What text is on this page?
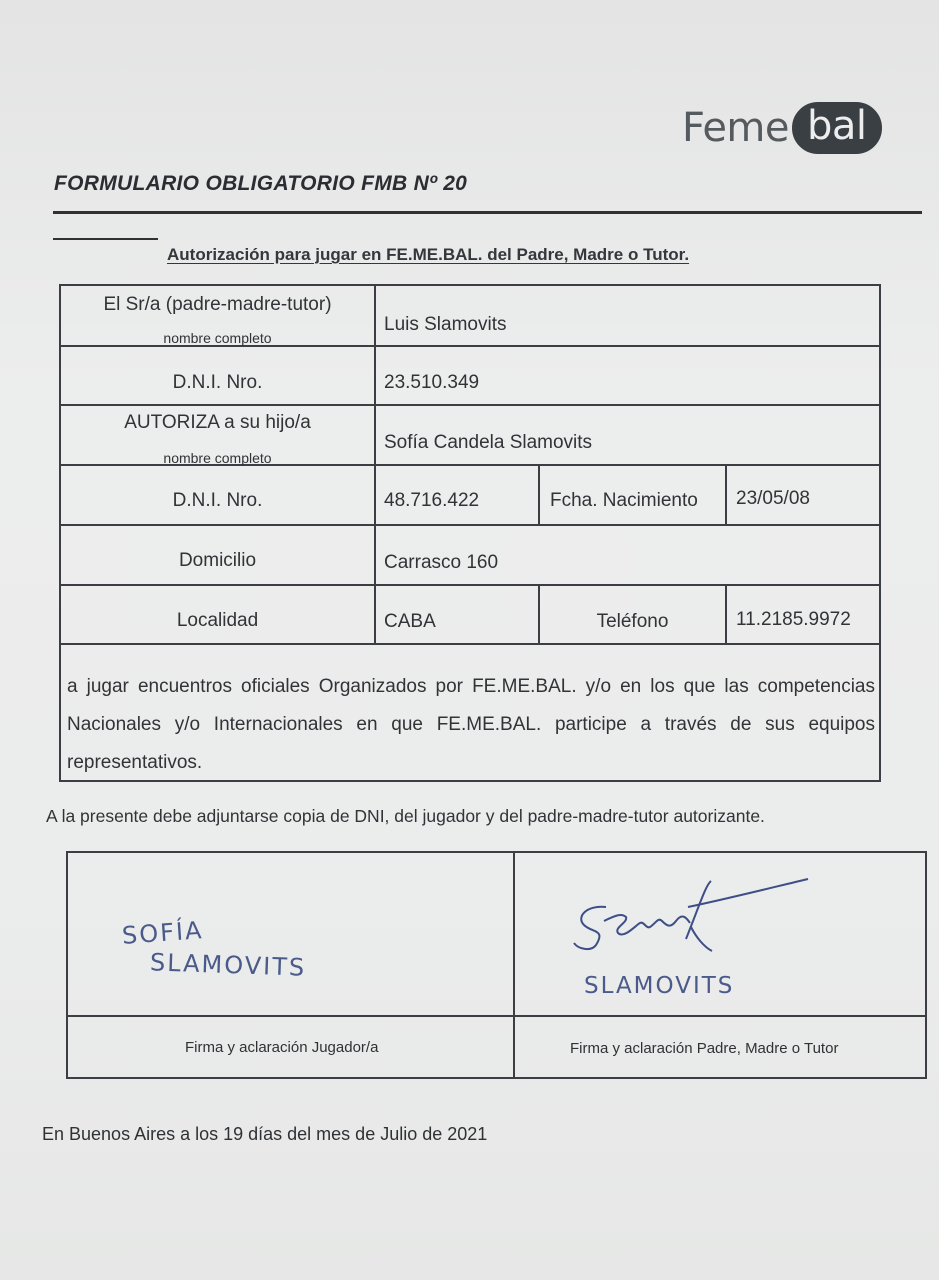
Feme bal
FORMULARIO OBLIGATORIO FMB Nº 20
Autorización para jugar en FE.ME.BAL. del Padre, Madre o Tutor.
El Sr/a (padre-madre-tutor)
nombre completo
Luis Slamovits
D.N.I. Nro.	23.510.349
AUTORIZA a su hijo/a
nombre completo
Sofía Candela Slamovits
D.N.I. Nro.	48.716.422	Fcha. Nacimiento 23/05/08
Domicilio	Carrasco 160
Localidad	CABA	Teléfono	11.2185.9972
a jugar encuentros oficiales Organizados por FE.ME.BAL. y/o en los que las competencias Nacionales y/o Internacionales en que FE.ME.BAL. participe a través de sus equipos representativos.
A la presente debe adjuntarse copia de DNI, del jugador y del padre-madre-tutor autorizante.
SOFÍA
SLAMOVITS
SLAMOVITS
Firma y aclaración Jugador/a	Firma y aclaración Padre, Madre o Tutor
En Buenos Aires a los 19 días del mes de Julio de 2021
